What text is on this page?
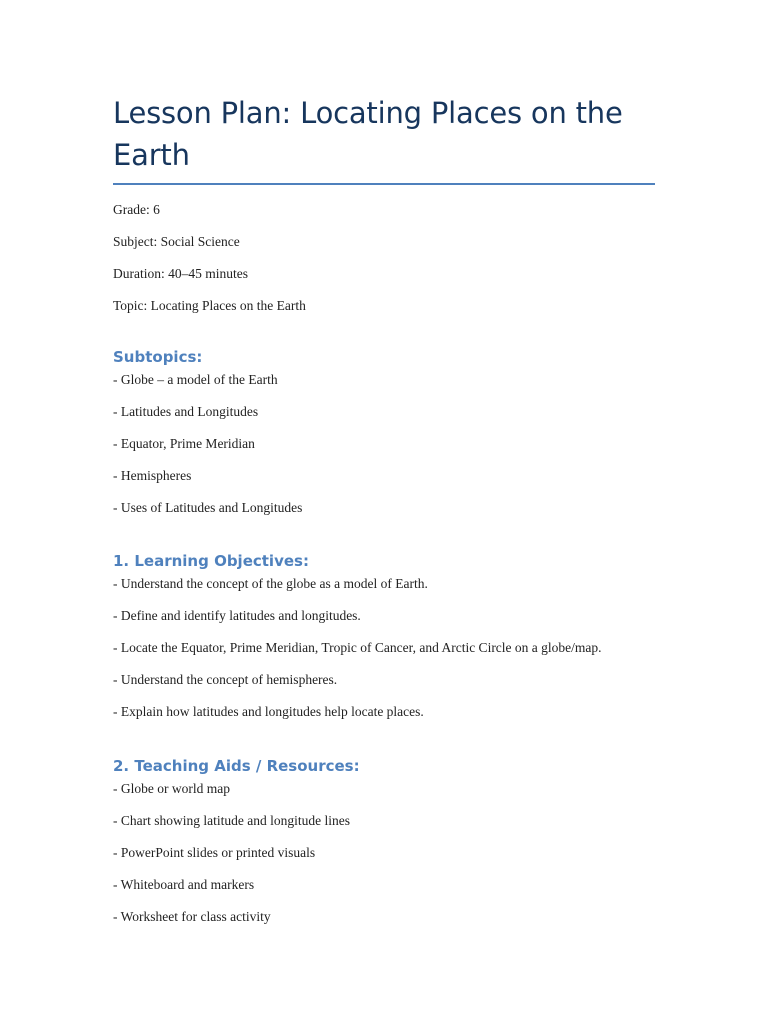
Lesson Plan: Locating Places on the Earth

Grade: 6

Subject: Social Science

Duration: 40–45 minutes

Topic: Locating Places on the Earth

Subtopics:

- Globe – a model of the Earth

- Latitudes and Longitudes

- Equator, Prime Meridian

- Hemispheres

- Uses of Latitudes and Longitudes

1. Learning Objectives:

- Understand the concept of the globe as a model of Earth.

- Define and identify latitudes and longitudes.

- Locate the Equator, Prime Meridian, Tropic of Cancer, and Arctic Circle on a globe/map.

- Understand the concept of hemispheres.

- Explain how latitudes and longitudes help locate places.

2. Teaching Aids / Resources:

- Globe or world map

- Chart showing latitude and longitude lines

- PowerPoint slides or printed visuals

- Whiteboard and markers

- Worksheet for class activity
